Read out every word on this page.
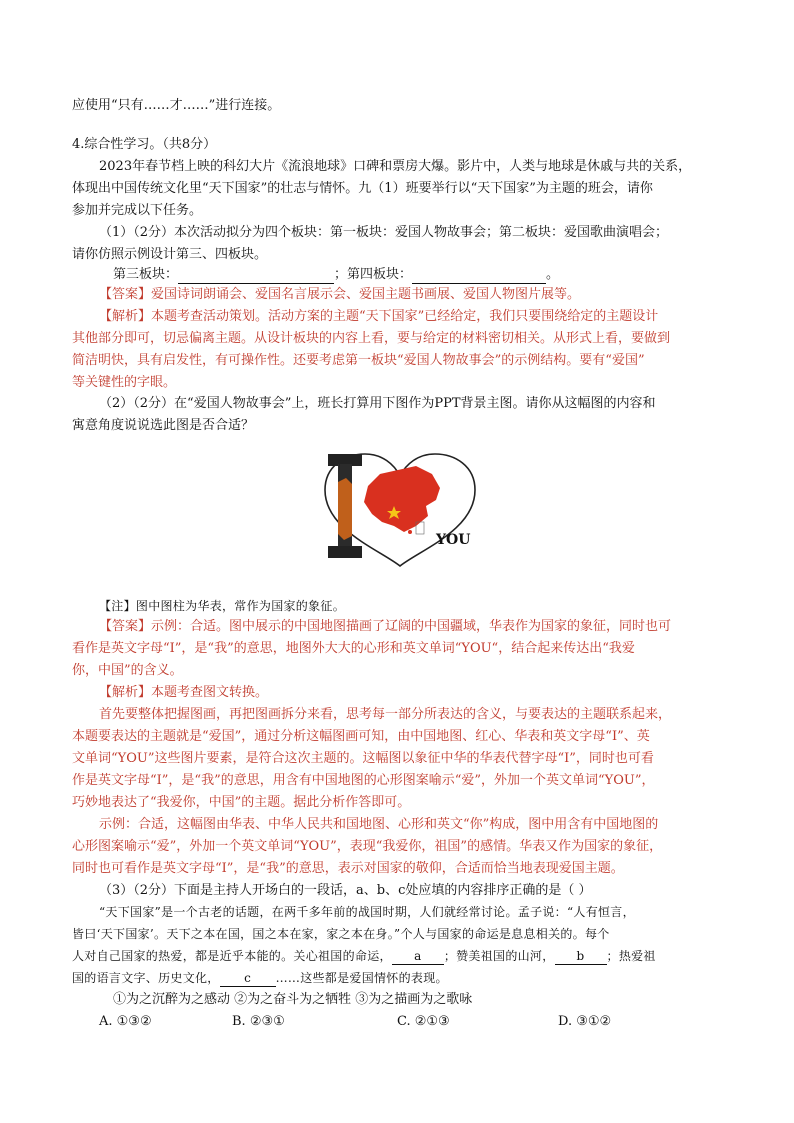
应使用“只有……才……”进行连接。
4.综合性学习。（共8分）
2023年春节档上映的科幻大片《流浪地球》口碑和票房大爆。影片中，人类与地球是休戚与共的关系，
体现出中国传统文化里“天下国家”的壮志与情怀。九（1）班要举行以“天下国家”为主题的班会，请你
参加并完成以下任务。
（1）（2分）本次活动拟分为四个板块：第一板块：爱国人物故事会；第二板块：爱国歌曲演唱会；
请你仿照示例设计第三、四板块。
第三板块：	；第四板块：	。
【答案】爱国诗词朗诵会、爱国名言展示会、爱国主题书画展、爱国人物图片展等。
【解析】本题考查活动策划。活动方案的主题“天下国家”已经给定，我们只要围绕给定的主题设计
其他部分即可，切忌偏离主题。从设计板块的内容上看，要与给定的材料密切相关。从形式上看，要做到
简洁明快，具有启发性，有可操作性。还要考虑第一板块“爱国人物故事会”的示例结构。要有“爱国”
等关键性的字眼。
（2）（2分）在“爱国人物故事会”上，班长打算用下图作为PPT背景主图。请你从这幅图的内容和
寓意角度说说选此图是否合适？
I
YOU
【注】图中图柱为华表，常作为国家的象征。
【答案】示例：合适。图中展示的中国地图描画了辽阔的中国疆域，华表作为国家的象征，同时也可
看作是英文字母“I”，是“我”的意思，地图外大大的心形和英文单词“YOU“，结合起来传达出“我爱
你，中国”的含义。
【解析】本题考查图文转换。
首先要整体把握图画，再把图画拆分来看，思考每一部分所表达的含义，与要表达的主题联系起来，
本题要表达的主题就是“爱国”，通过分析这幅图画可知，由中国地图、红心、华表和英文字母“I”、英
文单词“YOU”这些图片要素，是符合这次主题的。这幅图以象征中华的华表代替字母“I”，同时也可看
作是英文字母“I”，是“我”的意思，用含有中国地图的心形图案喻示“爱”，外加一个英文单词“YOU”，
巧妙地表达了“我爱你，中国”的主题。据此分析作答即可。
示例：合适，这幅图由华表、中华人民共和国地图、心形和英文“你”构成，图中用含有中国地图的
心形图案喻示“爱”，外加一个英文单词“YOU”，表现“我爱你，祖国”的感情。华表又作为国家的象征，
同时也可看作是英文字母“I”，是“我”的意思，表示对国家的敬仰，合适而恰当地表现爱国主题。
（3）（2分）下面是主持人开场白的一段话，a、b、c处应填的内容排序正确的是（ ）
“天下国家”是一个古老的话题，在两千多年前的战国时期，人们就经常讨论。孟子说：“人有恒言，
皆曰‘天下国家’。天下之本在国，国之本在家，家之本在身。”个人与国家的命运是息息相关的。每个
人对自己国家的热爱，都是近乎本能的。关心祖国的命运， a ；赞美祖国的山河， b ；热爱祖
国的语言文字、历史文化， c ……这些都是爱国情怀的表现。
①为之沉醉为之感动 ②为之奋斗为之牺牲 ③为之描画为之歌咏
A. ①③②	B. ②③①	C. ②①③	D. ③①②
